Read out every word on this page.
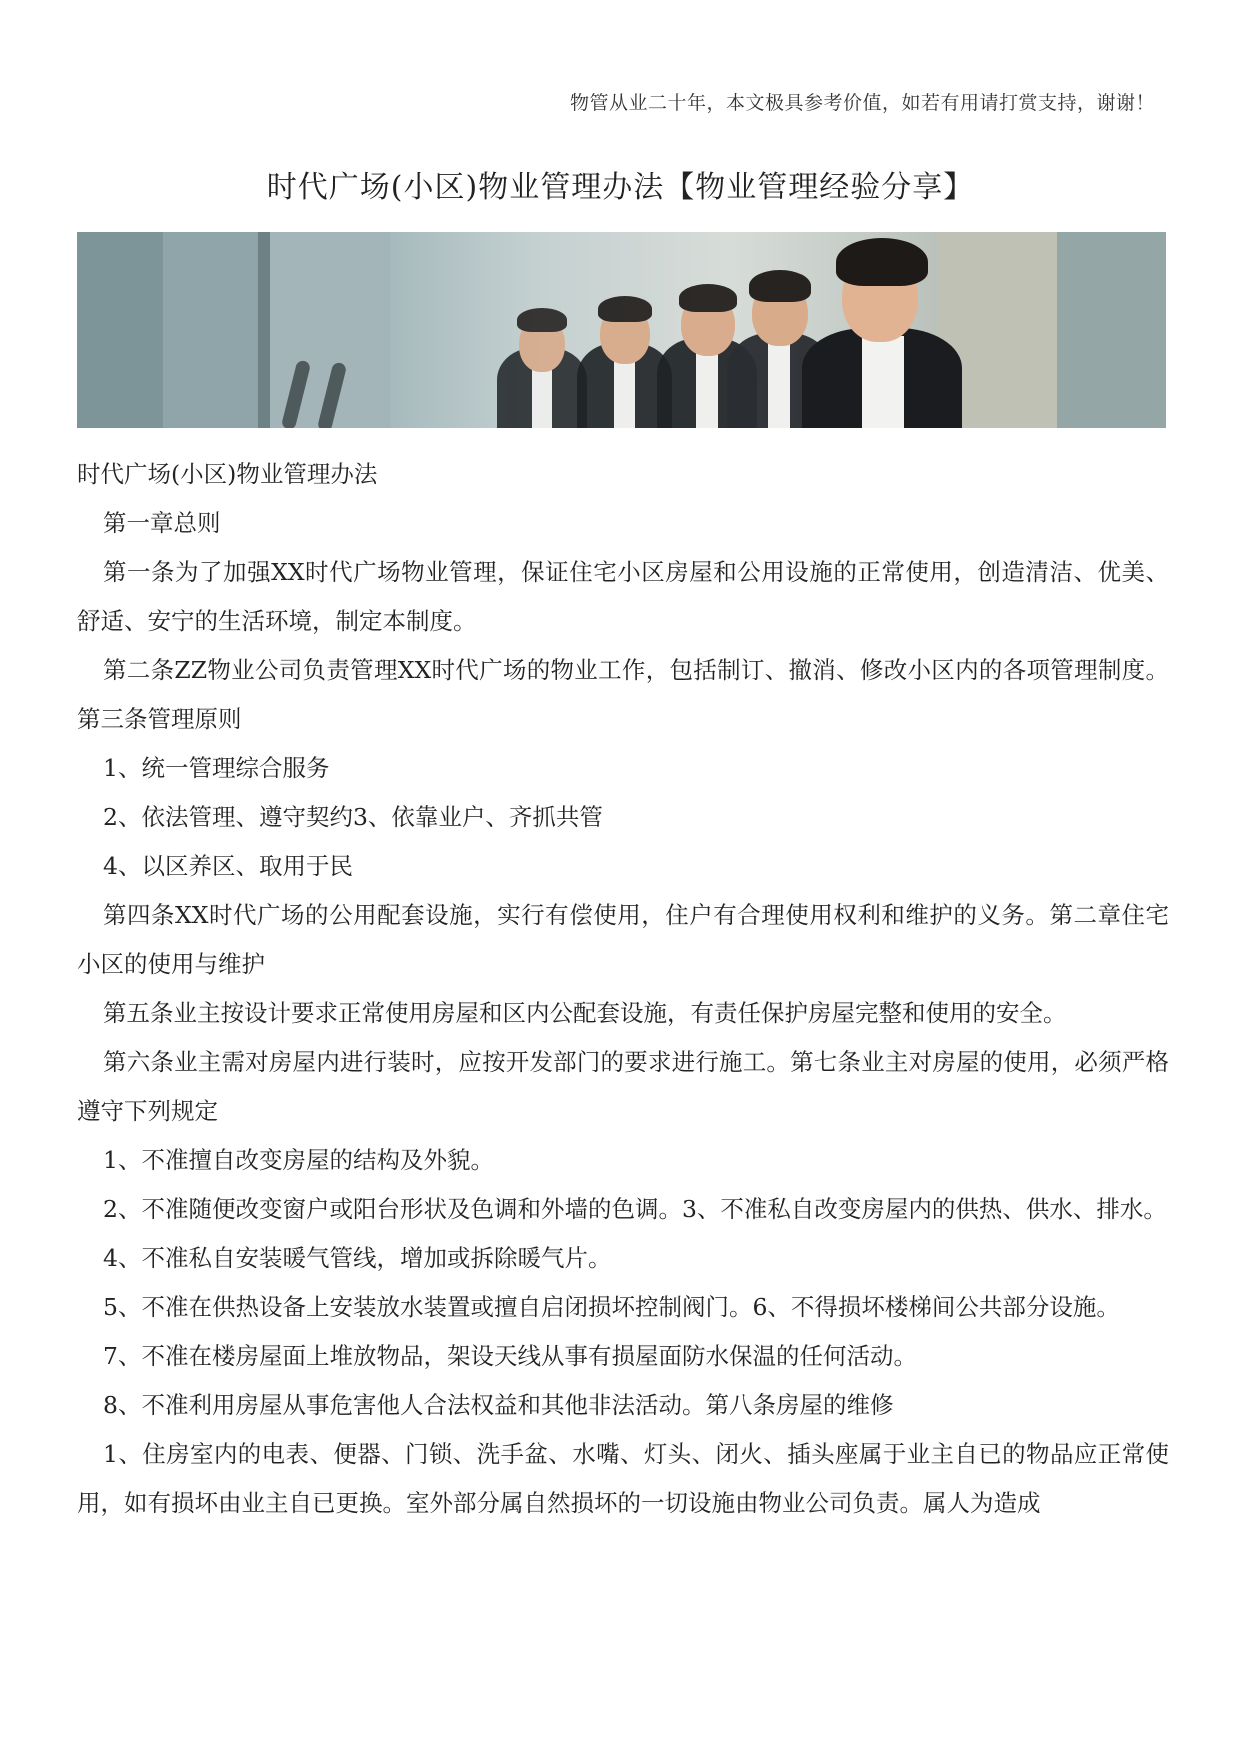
物管从业二十年，本文极具参考价值，如若有用请打赏支持，谢谢！
时代广场(小区)物业管理办法【物业管理经验分享】

时代广场(小区)物业管理办法

第一章总则

第一条为了加强XX时代广场物业管理，保证住宅小区房屋和公用设施的正常使用，创造清洁、优美、舒适、安宁的生活环境，制定本制度。

第二条ZZ物业公司负责管理XX时代广场的物业工作，包括制订、撤消、修改小区内的各项管理制度。第三条管理原则

1、统一管理综合服务

2、依法管理、遵守契约3、依靠业户、齐抓共管

4、以区养区、取用于民

第四条XX时代广场的公用配套设施，实行有偿使用，住户有合理使用权利和维护的义务。第二章住宅小区的使用与维护

第五条业主按设计要求正常使用房屋和区内公配套设施，有责任保护房屋完整和使用的安全。

第六条业主需对房屋内进行装时，应按开发部门的要求进行施工。第七条业主对房屋的使用，必须严格遵守下列规定

1、不准擅自改变房屋的结构及外貌。

2、不准随便改变窗户或阳台形状及色调和外墙的色调。3、不准私自改变房屋内的供热、供水、排水。

4、不准私自安装暖气管线，增加或拆除暖气片。

5、不准在供热设备上安装放水装置或擅自启闭损坏控制阀门。6、不得损坏楼梯间公共部分设施。

7、不准在楼房屋面上堆放物品，架设天线从事有损屋面防水保温的任何活动。

8、不准利用房屋从事危害他人合法权益和其他非法活动。第八条房屋的维修

1、住房室内的电表、便器、门锁、洗手盆、水嘴、灯头、闭火、插头座属于业主自已的物品应正常使用，如有损坏由业主自已更换。室外部分属自然损坏的一切设施由物业公司负责。属人为造成
